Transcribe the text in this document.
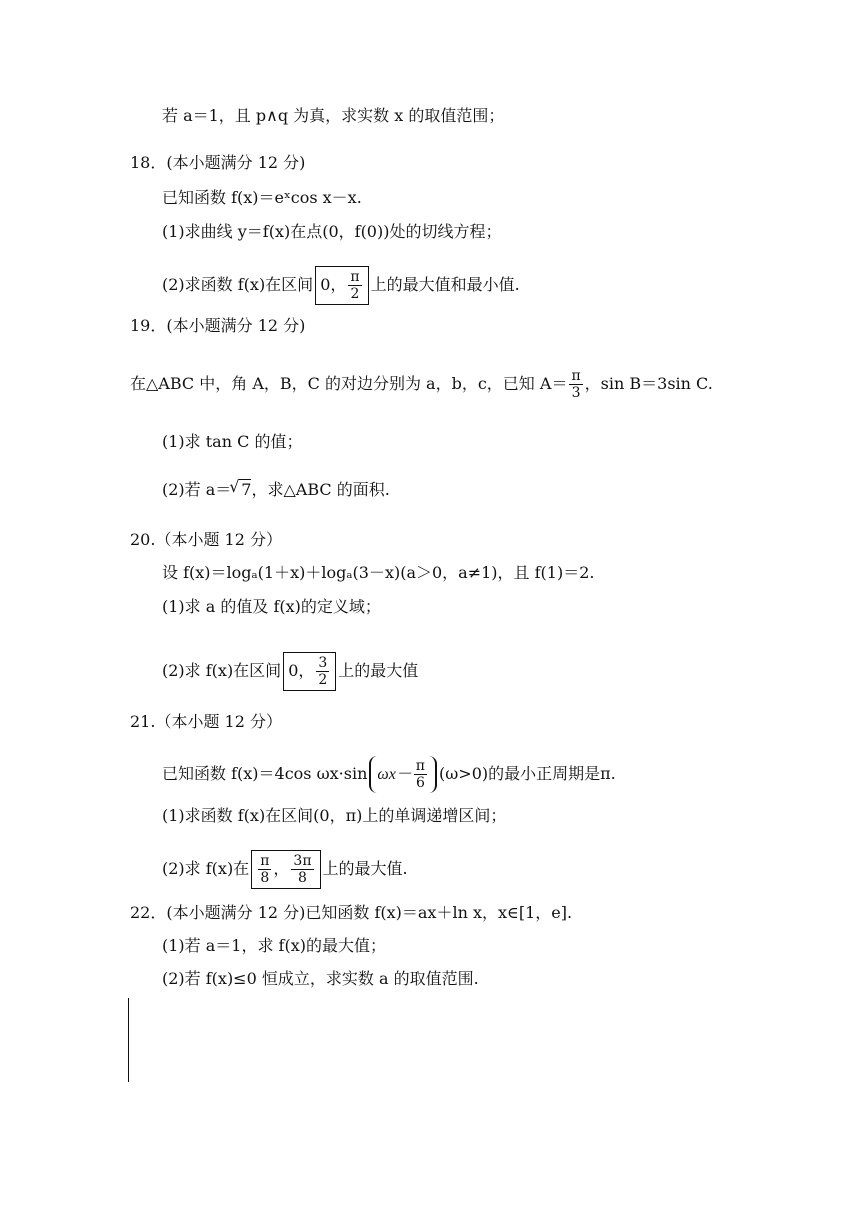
若 a＝1，且 p∧q 为真，求实数 x 的取值范围；
18．(本小题满分 12 分)
已知函数 f(x)＝eˣcos x－x.
(1)求曲线 y＝f(x)在点(0，f(0))处的切线方程；
(2)求函数 f(x)在区间 0， $\frac{\pi}{2}$ 上的最大值和最小值.
19．(本小题满分 12 分)
在△ABC 中，角 A，B，C 的对边分别为 a，b，c，已知 $A= \frac{\pi}{3}$ ，sin B＝3sin C.
(1)求 tan C 的值；
(2)若 a＝√ 7，求△ABC 的面积.
20.（本小题 12 分）
设 f(x)＝logₐ(1＋x)＋logₐ(3－x)(a＞0，a≠1)，且 f(1)＝2.
(1)求 a 的值及 f(x)的定义域；
(2)求 f(x)在区间 0， $\frac{3}{2}$ 上的最大值
21.（本小题 12 分）
已知函数 f(x)＝4cos ωx·sin $\omega x- \frac{\pi}{6} (\omega>0)$的最小正周期是π.
(1)求函数 f(x)在区间(0，π)上的单调递增区间；
(2)求 f(x)在 $\frac{\pi}{8}$ ， $\frac{3\pi}{8}$ 上的最大值.
22．(本小题满分 12 分)已知函数 f(x)＝ax＋ln x，x∈[1，e].
(1)若 a＝1，求 f(x)的最大值；
(2)若 f(x)≤0 恒成立，求实数 a 的取值范围.
